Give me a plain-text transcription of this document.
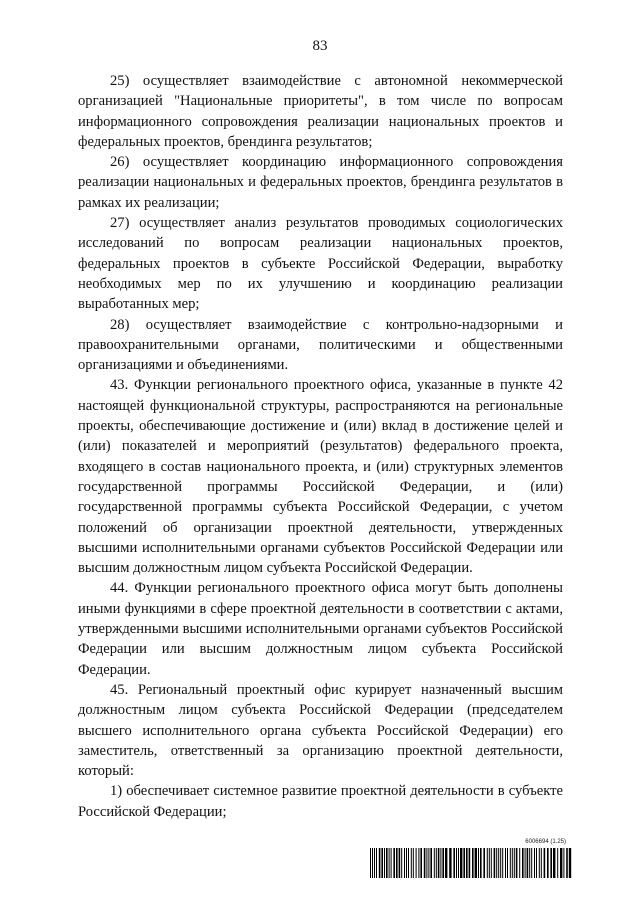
83

25) осуществляет взаимодействие с автономной некоммерческой организацией "Национальные приоритеты", в том числе по вопросам информационного сопровождения реализации национальных проектов и федеральных проектов, брендинга результатов;

26) осуществляет координацию информационного сопровождения реализации национальных и федеральных проектов, брендинга результатов в рамках их реализации;

27) осуществляет анализ результатов проводимых социологических исследований по вопросам реализации национальных проектов, федеральных проектов в субъекте Российской Федерации, выработку необходимых мер по их улучшению и координацию реализации выработанных мер;

28) осуществляет взаимодействие с контрольно-надзорными и правоохранительными органами, политическими и общественными организациями и объединениями.

43. Функции регионального проектного офиса, указанные в пункте 42 настоящей функциональной структуры, распространяются на региональные проекты, обеспечивающие достижение и (или) вклад в достижение целей и (или) показателей и мероприятий (результатов) федерального проекта, входящего в состав национального проекта, и (или) структурных элементов государственной программы Российской Федерации, и (или) государственной программы субъекта Российской Федерации, с учетом положений об организации проектной деятельности, утвержденных высшими исполнительными органами субъектов Российской Федерации или высшим должностным лицом субъекта Российской Федерации.

44. Функции регионального проектного офиса могут быть дополнены иными функциями в сфере проектной деятельности в соответствии с актами, утвержденными высшими исполнительными органами субъектов Российской Федерации или высшим должностным лицом субъекта Российской Федерации.

45. Региональный проектный офис курирует назначенный высшим должностным лицом субъекта Российской Федерации (председателем высшего исполнительного органа субъекта Российской Федерации) его заместитель, ответственный за организацию проектной деятельности, который:

1) обеспечивает системное развитие проектной деятельности в субъекте Российской Федерации;

6006694 (1.25)
